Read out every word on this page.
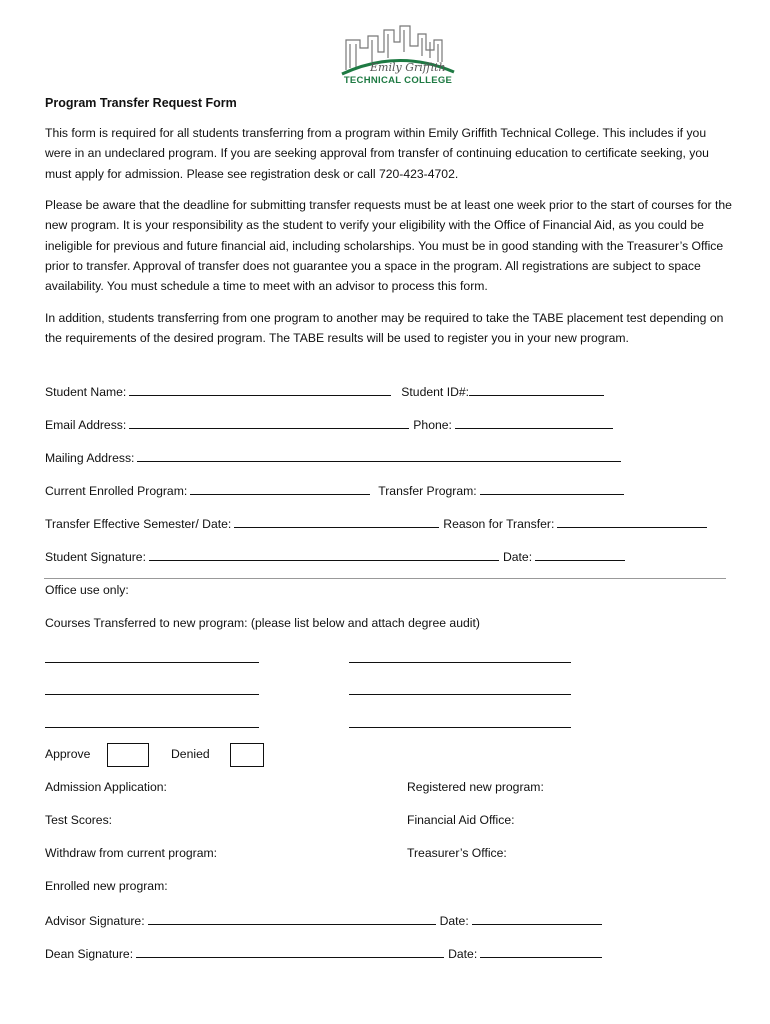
Emily Griffith
TECHNICAL COLLEGE
Program Transfer Request Form
This form is required for all students transferring from a program within Emily Griffith Technical College. This includes if you were in an undeclared program. If you are seeking approval from transfer of continuing education to certificate seeking, you must apply for admission. Please see registration desk or call 720-423-4702.
Please be aware that the deadline for submitting transfer requests must be at least one week prior to the start of courses for the new program. It is your responsibility as the student to verify your eligibility with the Office of Financial Aid, as you could be ineligible for previous and future financial aid, including scholarships. You must be in good standing with the Treasurer’s Office prior to transfer. Approval of transfer does not guarantee you a space in the program. All registrations are subject to space availability. You must schedule a time to meet with an advisor to process this form.
In addition, students transferring from one program to another may be required to take the TABE placement test depending on the requirements of the desired program. The TABE results will be used to register you in your new program.
Student Name:	Student ID#:
Email Address:	Phone:
Mailing Address:
Current Enrolled Program:	Transfer Program:
Transfer Effective Semester/ Date:	Reason for Transfer:
Student Signature:	Date:
Office use only:
Courses Transferred to new program: (please list below and attach degree audit)
Approve	Denied
Admission Application:	Registered new program:
Test Scores:	Financial Aid Office:
Withdraw from current program:	Treasurer’s Office:
Enrolled new program:
Advisor Signature:	Date:
Dean Signature:	Date:
